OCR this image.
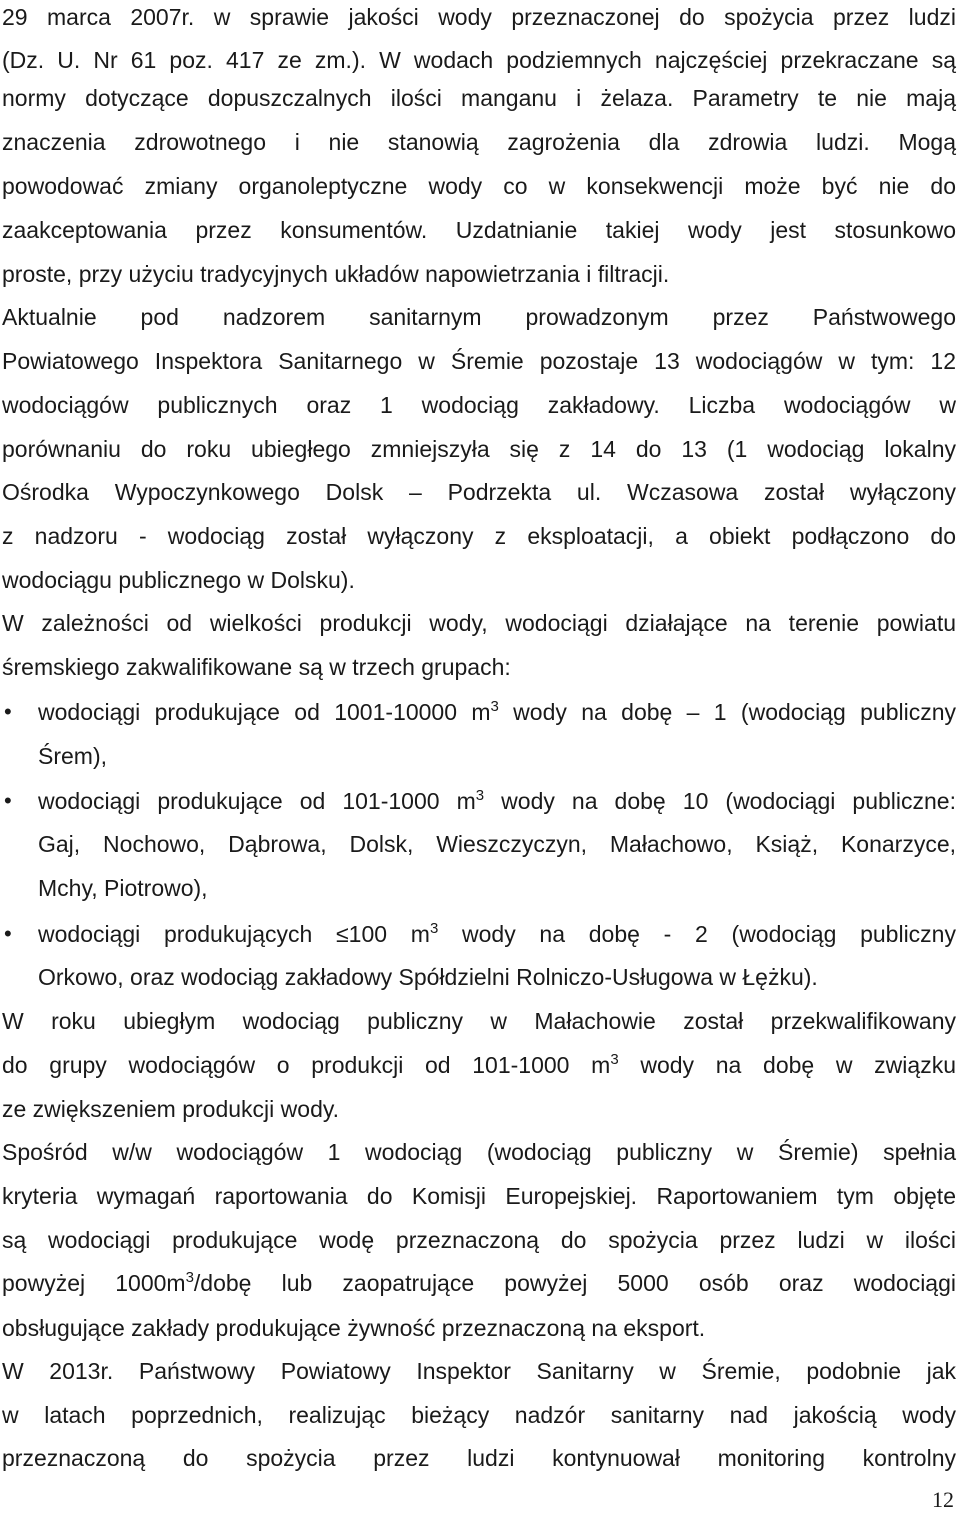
29 marca 2007r. w sprawie jakości wody przeznaczonej do spożycia przez ludzi
(Dz. U. Nr 61 poz. 417 ze zm.). W wodach podziemnych najczęściej przekraczane są
normy dotyczące dopuszczalnych ilości manganu i żelaza. Parametry te nie mają
znaczenia zdrowotnego i nie stanowią zagrożenia dla zdrowia ludzi. Mogą
powodować zmiany organoleptyczne wody co w konsekwencji może być nie do
zaakceptowania przez konsumentów. Uzdatnianie takiej wody jest stosunkowo
proste, przy użyciu tradycyjnych układów napowietrzania i filtracji.
Aktualnie pod nadzorem sanitarnym prowadzonym przez Państwowego
Powiatowego Inspektora Sanitarnego w Śremie pozostaje 13 wodociągów w tym: 12
wodociągów publicznych oraz 1 wodociąg zakładowy. Liczba wodociągów w
porównaniu do roku ubiegłego zmniejszyła się z 14 do 13 (1 wodociąg lokalny
Ośrodka Wypoczynkowego Dolsk – Podrzekta ul. Wczasowa został wyłączony
z nadzoru - wodociąg został wyłączony z eksploatacji, a obiekt podłączono do
wodociągu publicznego w Dolsku).
W zależności od wielkości produkcji wody, wodociągi działające na terenie powiatu
śremskiego zakwalifikowane są w trzech grupach:
• wodociągi produkujące od 1001-10000 $m^3$ wody na dobę – 1 (wodociąg publiczny
Śrem),
• wodociągi produkujące od 101-1000 $m^3$ wody na dobę 10 (wodociągi publiczne:
Gaj, Nochowo, Dąbrowa, Dolsk, Wieszczyczyn, Małachowo, Książ, Konarzyce,
Mchy, Piotrowo),
• wodociągi produkujących ≤100 $m^3$ wody na dobę - 2 (wodociąg publiczny
Orkowo, oraz wodociąg zakładowy Spółdzielni Rolniczo-Usługowa w Łężku).
W roku ubiegłym wodociąg publiczny w Małachowie został przekwalifikowany
do grupy wodociągów o produkcji od 101-1000 $m^3$ wody na dobę w związku
ze zwiększeniem produkcji wody.
Spośród w/w wodociągów 1 wodociąg (wodociąg publiczny w Śremie) spełnia
kryteria wymagań raportowania do Komisji Europejskiej. Raportowaniem tym objęte
są wodociągi produkujące wodę przeznaczoną do spożycia przez ludzi w ilości
powyżej $1000m^3$/dobę lub zaopatrujące powyżej 5000 osób oraz wodociągi
obsługujące zakłady produkujące żywność przeznaczoną na eksport.
W 2013r. Państwowy Powiatowy Inspektor Sanitarny w Śremie, podobnie jak
w latach poprzednich, realizując bieżący nadzór sanitarny nad jakością wody
przeznaczoną do spożycia przez ludzi kontynuował monitoring kontrolny
12
